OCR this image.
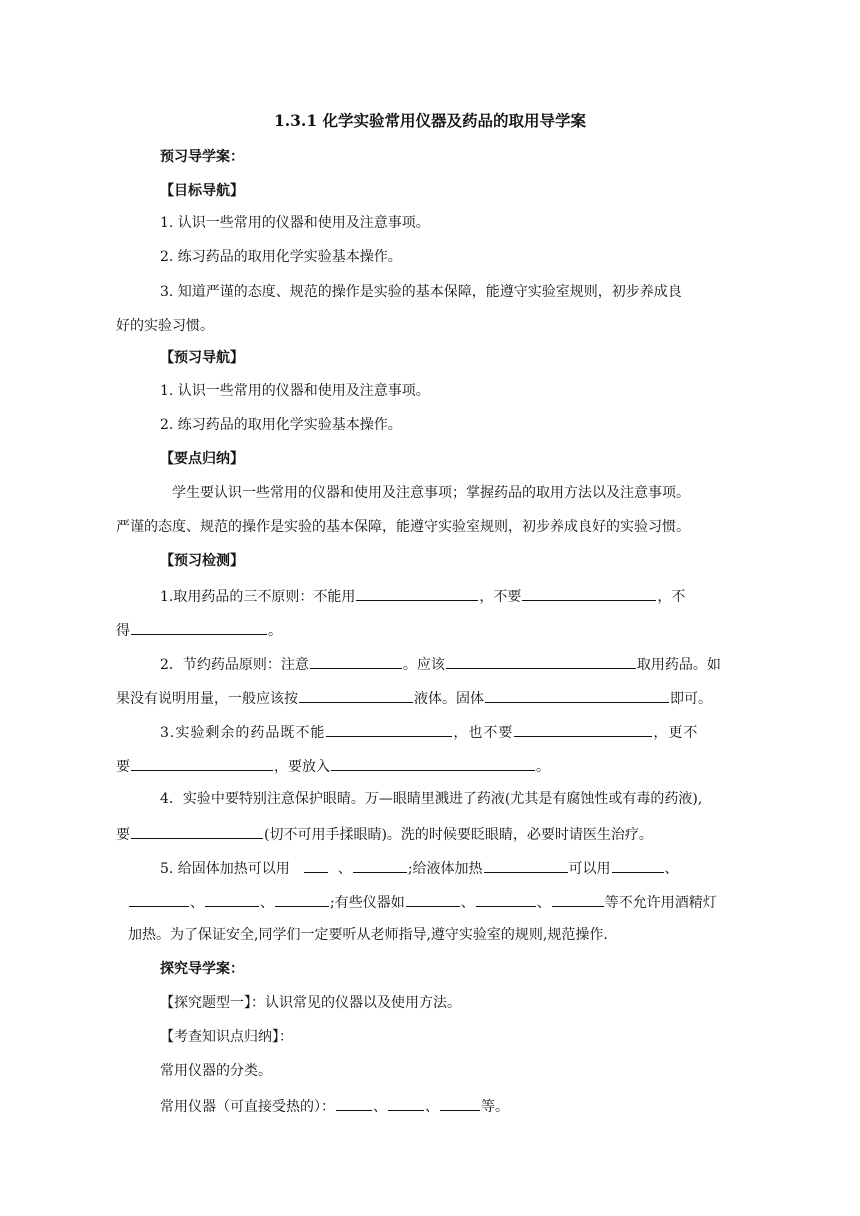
1.3.1 化学实验常用仪器及药品的取用导学案
预习导学案：
【目标导航】
1. 认识一些常用的仪器和使用及注意事项。
2. 练习药品的取用化学实验基本操作。
3. 知道严谨的态度、规范的操作是实验的基本保障，能遵守实验室规则，初步养成良
好的实验习惯。
【预习导航】
1. 认识一些常用的仪器和使用及注意事项。
2. 练习药品的取用化学实验基本操作。
【要点归纳】
学生要认识一些常用的仪器和使用及注意事项；掌握药品的取用方法以及注意事项。
严谨的态度、规范的操作是实验的基本保障，能遵守实验室规则，初步养成良好的实验习惯。
【预习检测】
1.取用药品的三不原则：不能用	，不要	，不
得	。
2．节约药品原则：注意	。应该	取用药品。如
果没有说明用量，一般应该按	液体。固体	即可。
3.实验剩余的药品既不能	，也不要	，更不
要	，要放入	。
4．实验中要特别注意保护眼睛。万—眼睛里溅进了药液(尤其是有腐蚀性或有毒的药液),
要	(切不可用手揉眼睛)。洗的时候要眨眼睛，必要时请医生治疗。
5. 给固体加热可以用	、	;给液体加热	可以用	、
、	、	;有些仪器如	、	、	等不允许用酒精灯
加热。为了保证安全,同学们一定要听从老师指导,遵守实验室的规则,规范操作.
探究导学案：
【探究题型一】：认识常见的仪器以及使用方法。
【考查知识点归纳】：
常用仪器的分类。
常用仪器（可直接受热的）：	、	、	等。
